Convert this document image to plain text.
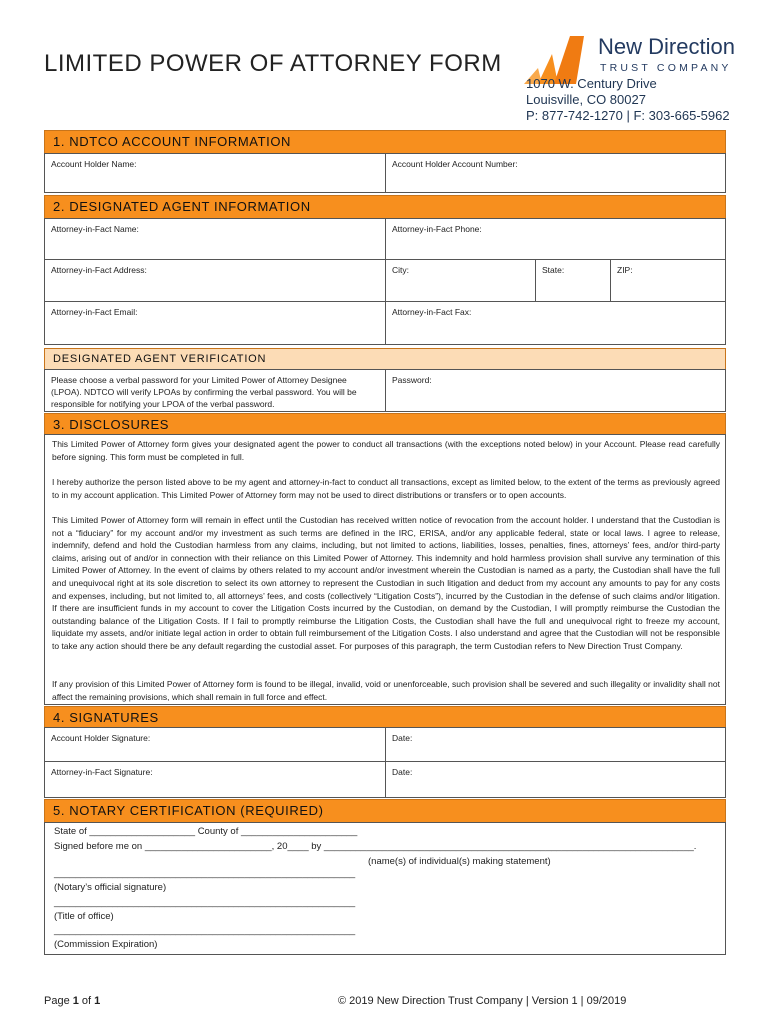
LIMITED POWER OF ATTORNEY FORM
New Direction
TRUST COMPANY
1070 W. Century Drive
Louisville, CO 80027
P: 877-742-1270 | F: 303-665-5962
1. NDTCO ACCOUNT INFORMATION
Account Holder Name:	Account Holder Account Number:
2. DESIGNATED AGENT INFORMATION
Attorney-in-Fact Name:	Attorney-in-Fact Phone:
Attorney-in-Fact Address:	City:	State:	ZIP:
Attorney-in-Fact Email:	Attorney-in-Fact Fax:
DESIGNATED AGENT VERIFICATION
Please choose a verbal password for your Limited Power of Attorney Designee (LPOA). NDTCO will verify LPOAs by confirming the verbal password. You will be responsible for notifying your LPOA of the verbal password.
Password:
3. DISCLOSURES
This Limited Power of Attorney form gives your designated agent the power to conduct all transactions (with the exceptions noted below) in your Account. Please read carefully before signing. This form must be completed in full.
I hereby authorize the person listed above to be my agent and attorney-in-fact to conduct all transactions, except as limited below, to the extent of the terms as previously agreed to in my account application. This Limited Power of Attorney form may not be used to direct distributions or transfers or to open accounts.
This Limited Power of Attorney form will remain in effect until the Custodian has received written notice of revocation from the account holder. I understand that the Custodian is not a “fiduciary” for my account and/or my investment as such terms are defined in the IRC, ERISA, and/or any applicable federal, state or local laws. I agree to release, indemnify, defend and hold the Custodian harmless from any claims, including, but not limited to actions, liabilities, losses, penalties, fines, attorneys’ fees, and/or third-party claims, arising out of and/or in connection with their reliance on this Limited Power of Attorney. This indemnity and hold harmless provision shall survive any termination of this Limited Power of Attorney. In the event of claims by others related to my account and/or investment wherein the Custodian is named as a party, the Custodian shall have the full and unequivocal right at its sole discretion to select its own attorney to represent the Custodian in such litigation and deduct from my account any amounts to pay for any costs and expenses, including, but not limited to, all attorneys’ fees, and costs (collectively “Litigation Costs”), incurred by the Custodian in the defense of such claims and/or litigation. If there are insufficient funds in my account to cover the Litigation Costs incurred by the Custodian, on demand by the Custodian, I will promptly reimburse the Custodian the outstanding balance of the Litigation Costs. If I fail to promptly reimburse the Litigation Costs, the Custodian shall have the full and unequivocal right to freeze my account, liquidate my assets, and/or initiate legal action in order to obtain full reimbursement of the Litigation Costs. I also understand and agree that the Custodian will not be responsible to take any action should there be any default regarding the custodial asset. For purposes of this paragraph, the term Custodian refers to New Direction Trust Company.
If any provision of this Limited Power of Attorney form is found to be illegal, invalid, void or unenforceable, such provision shall be severed and such illegality or invalidity shall not affect the remaining provisions, which shall remain in full force and effect.
4. SIGNATURES
Account Holder Signature:	Date:
Attorney-in-Fact Signature:	Date:
5. NOTARY CERTIFICATION (REQUIRED)
State of ____________________ County of ______________________
Signed before me on ________________________, 20____ by ______________________________________________________________________.
(name(s) of individual(s) making statement)
_________________________________________________________
(Notary’s official signature)
_________________________________________________________
(Title of office)
_________________________________________________________
(Commission Expiration)
Page 1 of 1	© 2019 New Direction Trust Company | Version 1 | 09/2019
